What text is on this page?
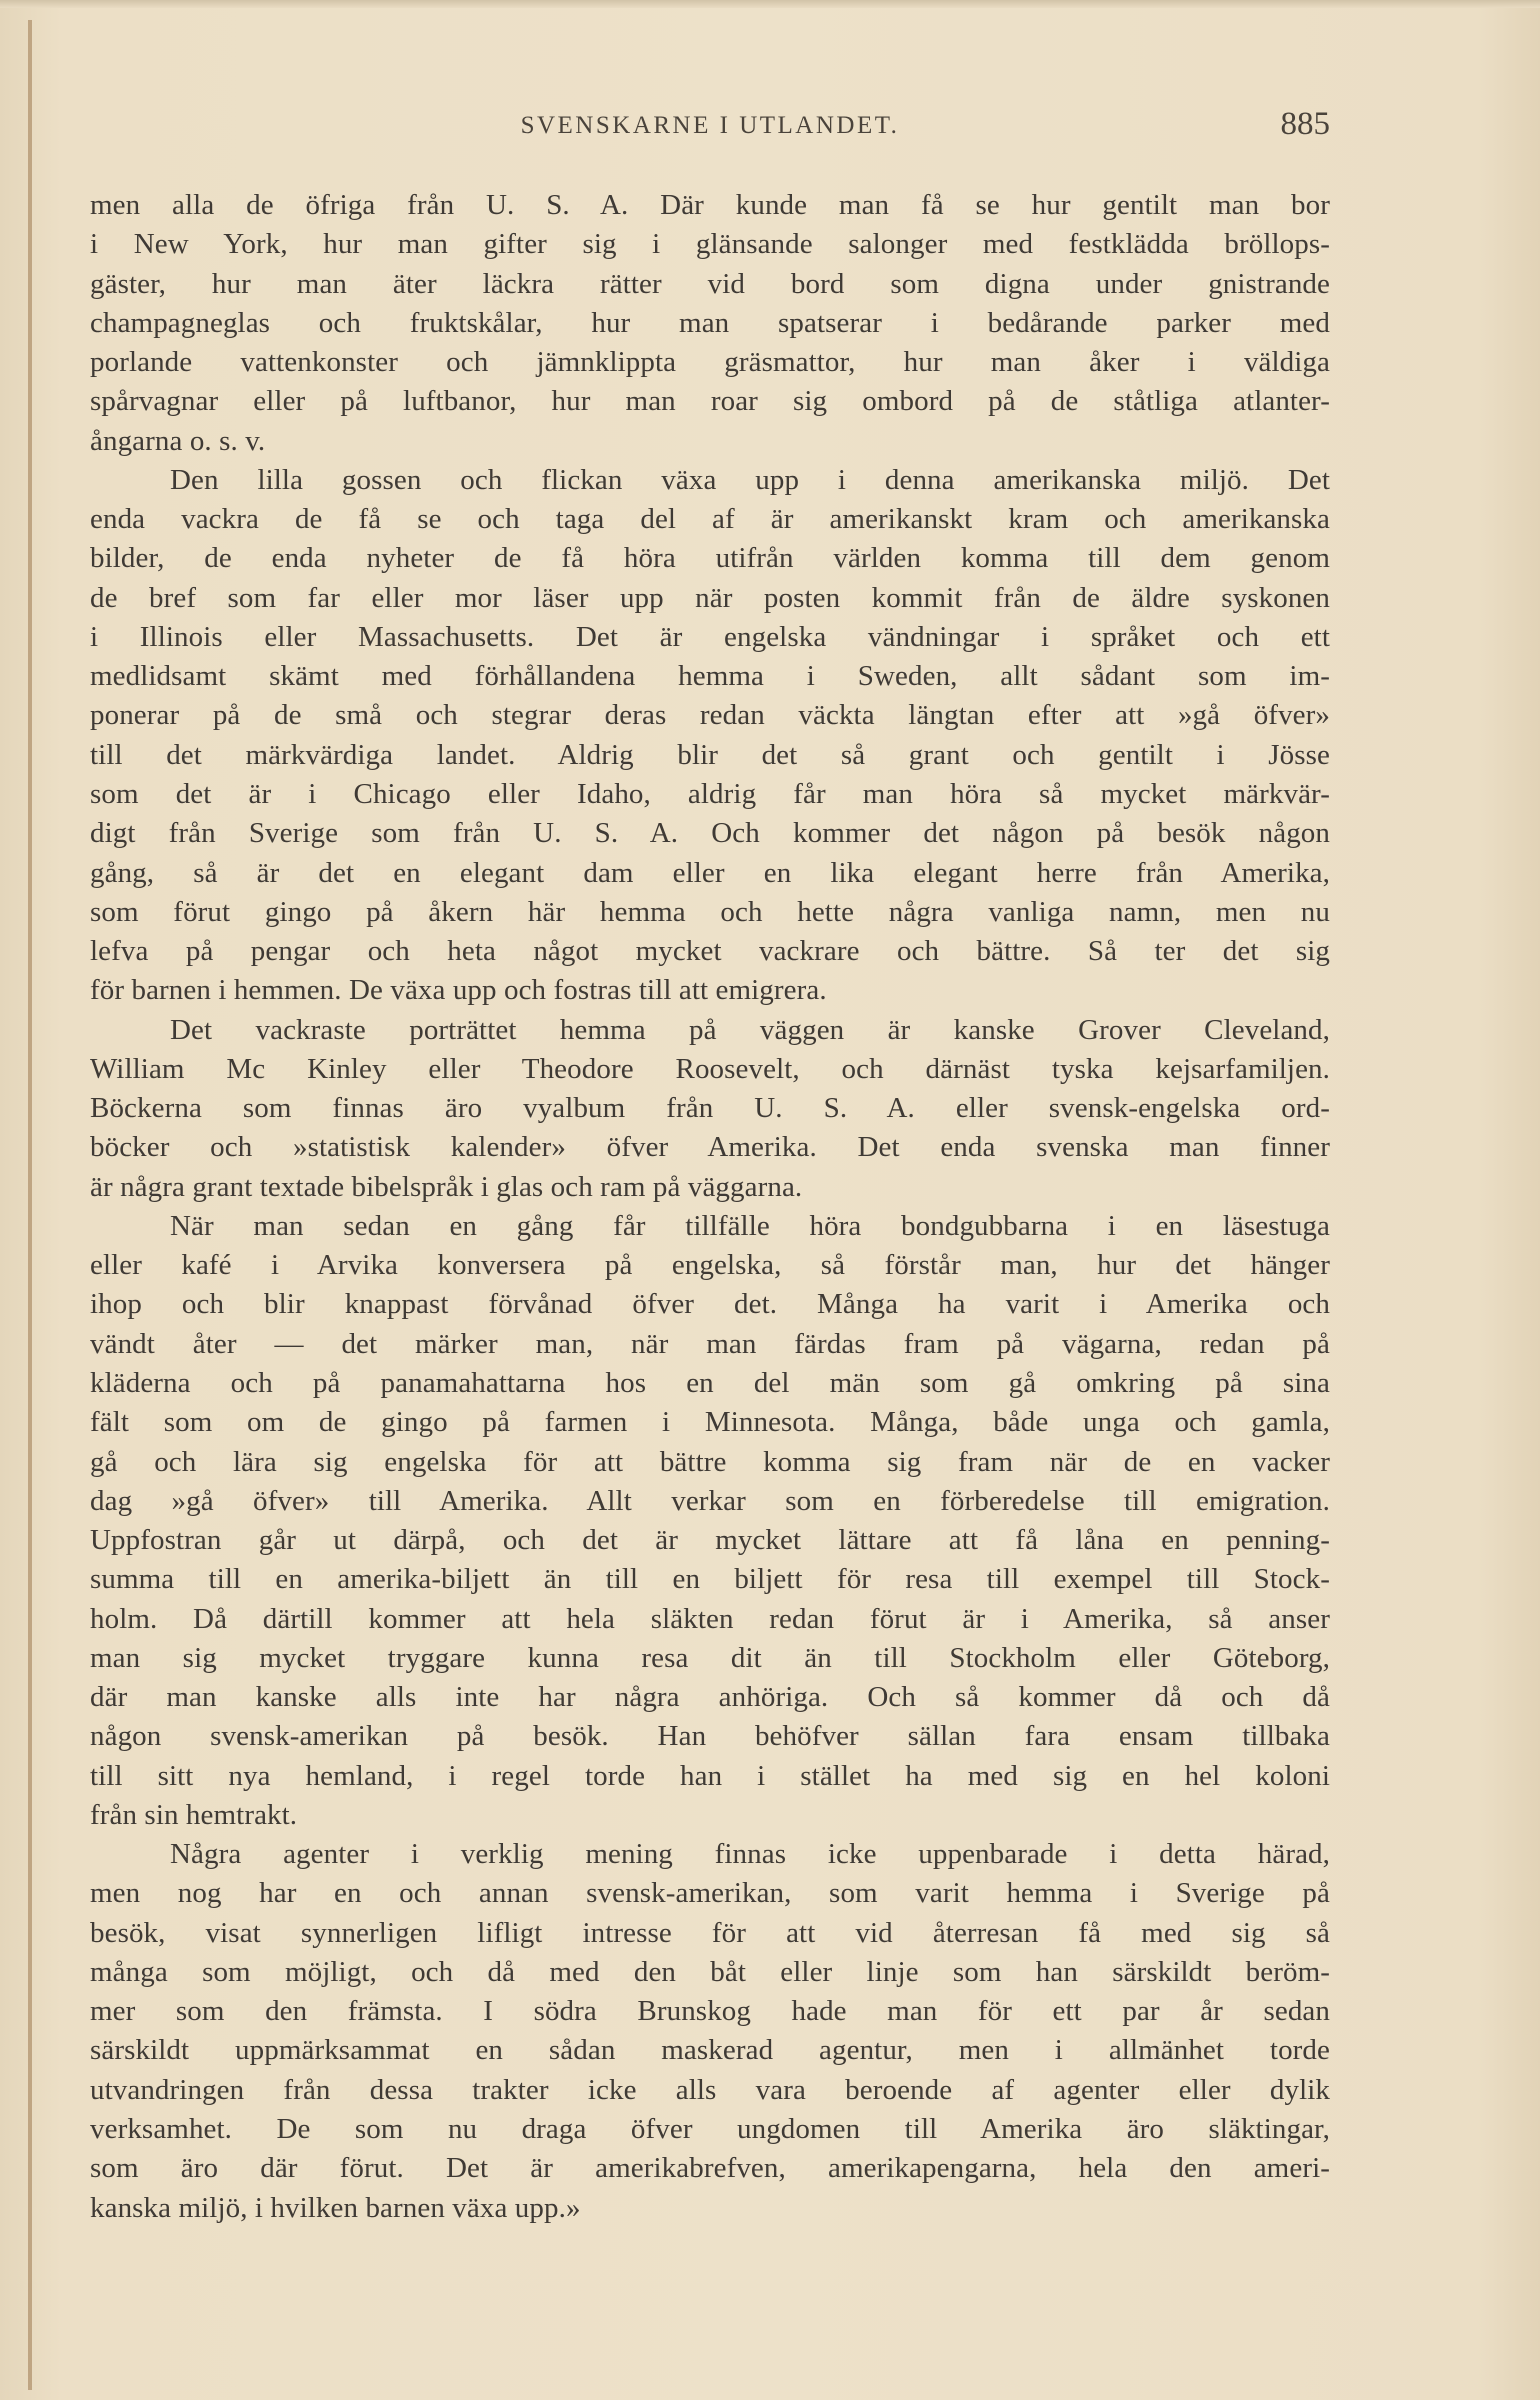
SVENSKARNE I UTLANDET.	885
men alla de öfriga från U. S. A. Där kunde man få se hur gentilt man bor
i New York, hur man gifter sig i glänsande salonger med festklädda bröllops-
gäster, hur man äter läckra rätter vid bord som digna under gnistrande
champagneglas och fruktskålar, hur man spatserar i bedårande parker med
porlande vattenkonster och jämnklippta gräsmattor, hur man åker i väldiga
spårvagnar eller på luftbanor, hur man roar sig ombord på de ståtliga atlanter-
ångarna o. s. v.
Den lilla gossen och flickan växa upp i denna amerikanska miljö. Det
enda vackra de få se och taga del af är amerikanskt kram och amerikanska
bilder, de enda nyheter de få höra utifrån världen komma till dem genom
de bref som far eller mor läser upp när posten kommit från de äldre syskonen
i Illinois eller Massachusetts. Det är engelska vändningar i språket och ett
medlidsamt skämt med förhållandena hemma i Sweden, allt sådant som im-
ponerar på de små och stegrar deras redan väckta längtan efter att »gå öfver»
till det märkvärdiga landet. Aldrig blir det så grant och gentilt i Jösse
som det är i Chicago eller Idaho, aldrig får man höra så mycket märkvär-
digt från Sverige som från U. S. A. Och kommer det någon på besök någon
gång, så är det en elegant dam eller en lika elegant herre från Amerika,
som förut gingo på åkern här hemma och hette några vanliga namn, men nu
lefva på pengar och heta något mycket vackrare och bättre. Så ter det sig
för barnen i hemmen. De växa upp och fostras till att emigrera.
Det vackraste porträttet hemma på väggen är kanske Grover Cleveland,
William Mc Kinley eller Theodore Roosevelt, och därnäst tyska kejsarfamiljen.
Böckerna som finnas äro vyalbum från U. S. A. eller svensk-engelska ord-
böcker och »statistisk kalender» öfver Amerika. Det enda svenska man finner
är några grant textade bibelspråk i glas och ram på väggarna.
När man sedan en gång får tillfälle höra bondgubbarna i en läsestuga
eller kafé i Arvika konversera på engelska, så förstår man, hur det hänger
ihop och blir knappast förvånad öfver det. Många ha varit i Amerika och
vändt åter — det märker man, när man färdas fram på vägarna, redan på
kläderna och på panamahattarna hos en del män som gå omkring på sina
fält som om de gingo på farmen i Minnesota. Många, både unga och gamla,
gå och lära sig engelska för att bättre komma sig fram när de en vacker
dag »gå öfver» till Amerika. Allt verkar som en förberedelse till emigration.
Uppfostran går ut därpå, och det är mycket lättare att få låna en penning-
summa till en amerika-biljett än till en biljett för resa till exempel till Stock-
holm. Då därtill kommer att hela släkten redan förut är i Amerika, så anser
man sig mycket tryggare kunna resa dit än till Stockholm eller Göteborg,
där man kanske alls inte har några anhöriga. Och så kommer då och då
någon svensk-amerikan på besök. Han behöfver sällan fara ensam tillbaka
till sitt nya hemland, i regel torde han i stället ha med sig en hel koloni
från sin hemtrakt.
Några agenter i verklig mening finnas icke uppenbarade i detta härad,
men nog har en och annan svensk-amerikan, som varit hemma i Sverige på
besök, visat synnerligen lifligt intresse för att vid återresan få med sig så
många som möjligt, och då med den båt eller linje som han särskildt beröm-
mer som den främsta. I södra Brunskog hade man för ett par år sedan
särskildt uppmärksammat en sådan maskerad agentur, men i allmänhet torde
utvandringen från dessa trakter icke alls vara beroende af agenter eller dylik
verksamhet. De som nu draga öfver ungdomen till Amerika äro släktingar,
som äro där förut. Det är amerikabrefven, amerikapengarna, hela den ameri-
kanska miljö, i hvilken barnen växa upp.»
